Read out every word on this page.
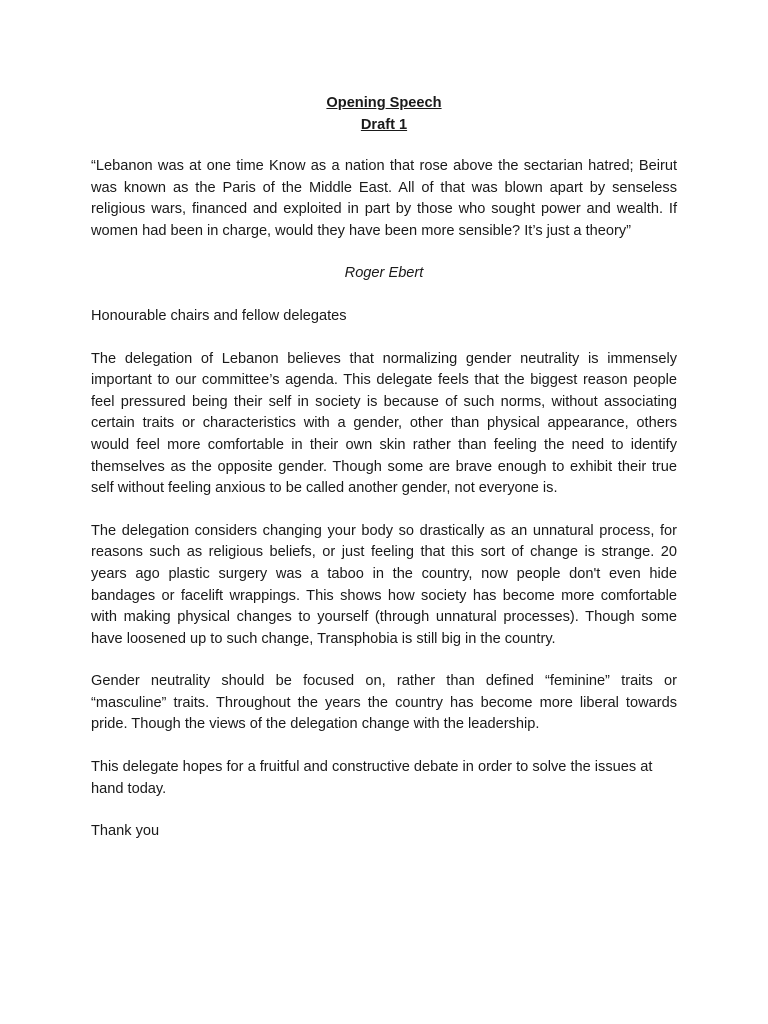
Opening Speech

Draft 1

“Lebanon was at one time Know as a nation that rose above the sectarian hatred; Beirut was known as the Paris of the Middle East. All of that was blown apart by senseless religious wars, financed and exploited in part by those who sought power and wealth. If women had been in charge, would they have been more sensible? It’s just a theory”

Roger Ebert

Honourable chairs and fellow delegates

The delegation of Lebanon believes that normalizing gender neutrality is immensely important to our committee’s agenda. This delegate feels that the biggest reason people feel pressured being their self in society is because of such norms, without associating certain traits or characteristics with a gender, other than physical appearance, others would feel more comfortable in their own skin rather than feeling the need to identify themselves as the opposite gender. Though some are brave enough to exhibit their true self without feeling anxious to be called another gender, not everyone is.

The delegation considers changing your body so drastically as an unnatural process, for reasons such as religious beliefs, or just feeling that this sort of change is strange. 20 years ago plastic surgery was a taboo in the country, now people don't even hide bandages or facelift wrappings. This shows how society has become more comfortable with making physical changes to yourself (through unnatural processes). Though some have loosened up to such change, Transphobia is still big in the country.

Gender neutrality should be focused on, rather than defined “feminine” traits or “masculine” traits. Throughout the years the country has become more liberal towards pride. Though the views of the delegation change with the leadership.

This delegate hopes for a fruitful and constructive debate in order to solve the issues at hand today.

Thank you
